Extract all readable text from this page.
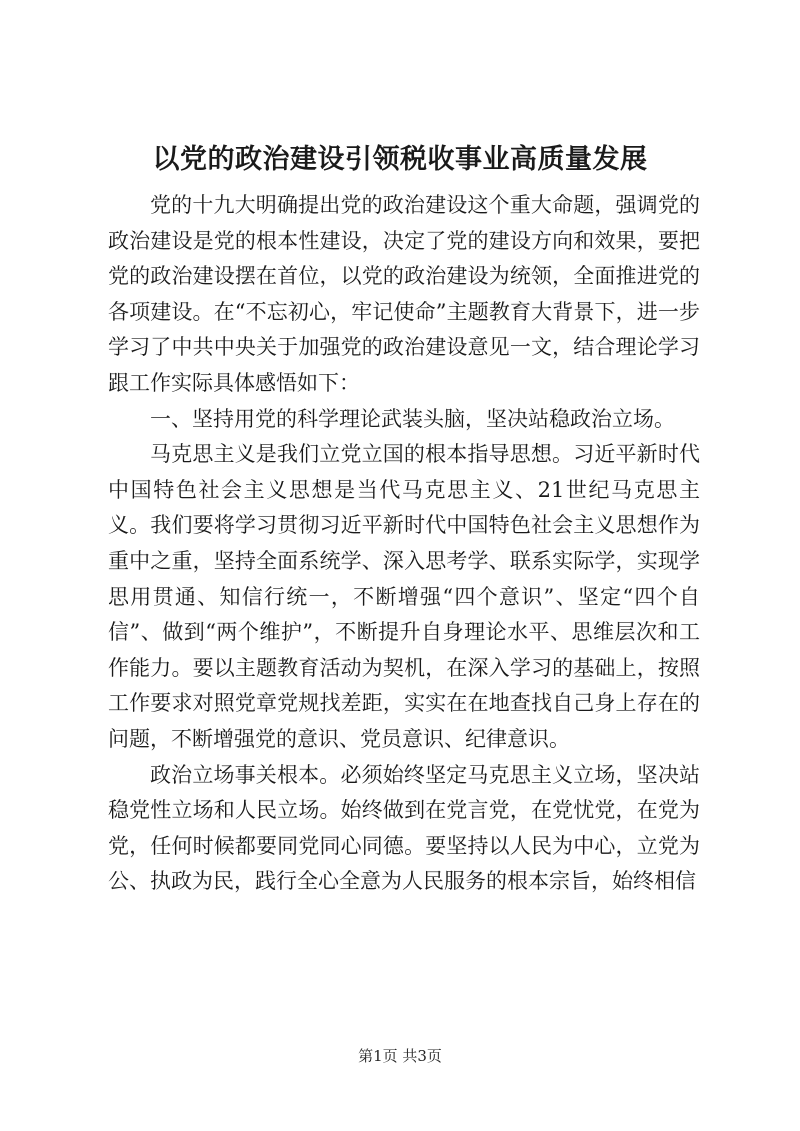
以党的政治建设引领税收事业高质量发展

党的十九大明确提出党的政治建设这个重大命题，强调党的政治建设是党的根本性建设，决定了党的建设方向和效果，要把党的政治建设摆在首位，以党的政治建设为统领，全面推进党的各项建设。在“不忘初心，牢记使命”主题教育大背景下，进一步学习了中共中央关于加强党的政治建设意见一文，结合理论学习跟工作实际具体感悟如下：

一、坚持用党的科学理论武装头脑，坚决站稳政治立场。

马克思主义是我们立党立国的根本指导思想。习近平新时代中国特色社会主义思想是当代马克思主义、21世纪马克思主义。我们要将学习贯彻习近平新时代中国特色社会主义思想作为重中之重，坚持全面系统学、深入思考学、联系实际学，实现学思用贯通、知信行统一，不断增强“四个意识”、坚定“四个自信”、做到“两个维护”，不断提升自身理论水平、思维层次和工作能力。要以主题教育活动为契机，在深入学习的基础上，按照工作要求对照党章党规找差距，实实在在地查找自己身上存在的问题，不断增强党的意识、党员意识、纪律意识。

政治立场事关根本。必须始终坚定马克思主义立场，坚决站稳党性立场和人民立场。始终做到在党言党，在党忧党，在党为党，任何时候都要同党同心同德。要坚持以人民为中心，立党为公、执政为民，践行全心全意为人民服务的根本宗旨，始终相信

第1页 共3页
